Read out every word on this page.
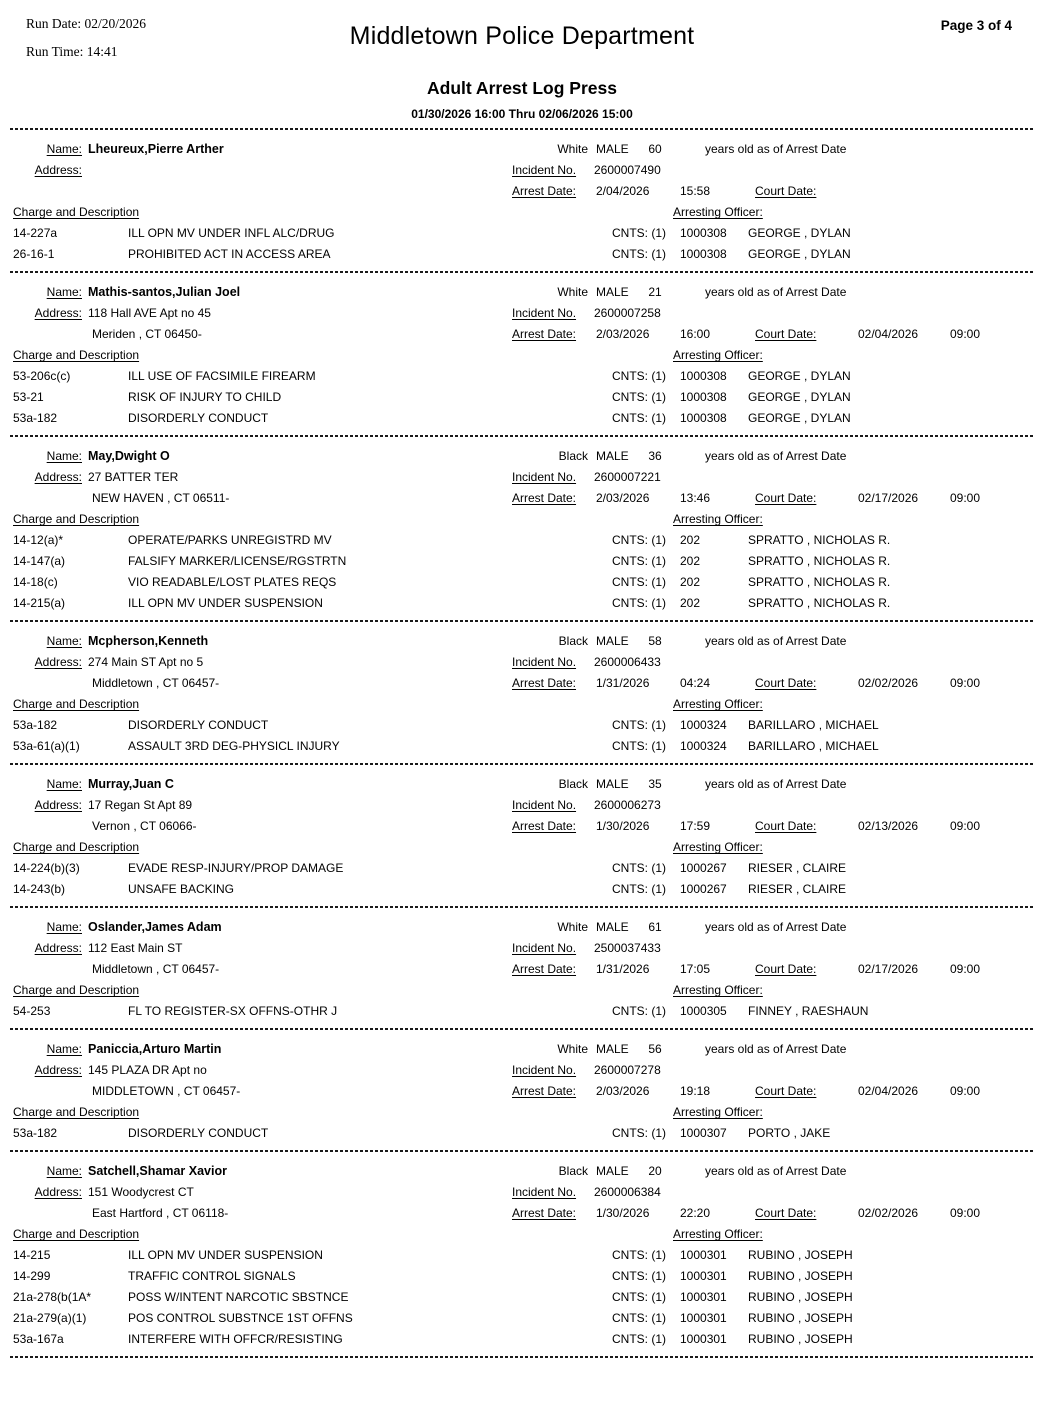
Run Date: 02/20/2026
Run Time: 14:41
Middletown Police Department	Page 3 of 4
Adult Arrest Log Press
01/30/2026 16:00 Thru 02/06/2026 15:00
Name: Lheureux,Pierre Arther	White MALE	60	years old as of Arrest Date
Address:	Incident No. 2600007490
Arrest Date: 2/04/2026	15:58	Court Date:
Charge and Description	Arresting Officer:
14-227a	ILL OPN MV UNDER INFL ALC/DRUG	CNTS: (1) 1000308 GEORGE , DYLAN
26-16-1	PROHIBITED ACT IN ACCESS AREA	CNTS: (1) 1000308 GEORGE , DYLAN
Name: Mathis-santos,Julian Joel	White MALE	21	years old as of Arrest Date
Address: 118 Hall AVE Apt no 45	Incident No. 2600007258
Meriden , CT 06450-	Arrest Date: 2/03/2026	16:00	Court Date:	02/04/2026	09:00
Charge and Description	Arresting Officer:
53-206c(c)	ILL USE OF FACSIMILE FIREARM	CNTS: (1) 1000308 GEORGE , DYLAN
53-21	RISK OF INJURY TO CHILD	CNTS: (1) 1000308 GEORGE , DYLAN
53a-182	DISORDERLY CONDUCT	CNTS: (1) 1000308 GEORGE , DYLAN
Name: May,Dwight O	Black MALE	36	years old as of Arrest Date
Address: 27 BATTER TER	Incident No. 2600007221
NEW HAVEN , CT 06511-	Arrest Date: 2/03/2026	13:46	Court Date:	02/17/2026	09:00
Charge and Description	Arresting Officer:
14-12(a)*	OPERATE/PARKS UNREGISTRD MV	CNTS: (1) 202	SPRATTO , NICHOLAS R.
14-147(a)	FALSIFY MARKER/LICENSE/RGSTRTN	CNTS: (1) 202	SPRATTO , NICHOLAS R.
14-18(c)	VIO READABLE/LOST PLATES REQS	CNTS: (1) 202	SPRATTO , NICHOLAS R.
14-215(a)	ILL OPN MV UNDER SUSPENSION	CNTS: (1) 202	SPRATTO , NICHOLAS R.
Name: Mcpherson,Kenneth	Black MALE	58	years old as of Arrest Date
Address: 274 Main ST Apt no 5	Incident No. 2600006433
Middletown , CT 06457-	Arrest Date: 1/31/2026	04:24	Court Date:	02/02/2026	09:00
Charge and Description	Arresting Officer:
53a-182	DISORDERLY CONDUCT	CNTS: (1) 1000324 BARILLARO , MICHAEL
53a-61(a)(1)	ASSAULT 3RD DEG-PHYSICL INJURY	CNTS: (1) 1000324 BARILLARO , MICHAEL
Name: Murray,Juan C	Black MALE	35	years old as of Arrest Date
Address: 17 Regan St Apt 89	Incident No. 2600006273
Vernon , CT 06066-	Arrest Date: 1/30/2026	17:59	Court Date:	02/13/2026	09:00
Charge and Description	Arresting Officer:
14-224(b)(3)	EVADE RESP-INJURY/PROP DAMAGE	CNTS: (1) 1000267 RIESER , CLAIRE
14-243(b)	UNSAFE BACKING	CNTS: (1) 1000267 RIESER , CLAIRE
Name: Oslander,James Adam	White MALE	61	years old as of Arrest Date
Address: 112 East Main ST	Incident No. 2500037433
Middletown , CT 06457-	Arrest Date: 1/31/2026	17:05	Court Date:	02/17/2026	09:00
Charge and Description	Arresting Officer:
54-253	FL TO REGISTER-SX OFFNS-OTHR J	CNTS: (1) 1000305 FINNEY , RAESHAUN
Name: Paniccia,Arturo Martin	White MALE	56	years old as of Arrest Date
Address: 145 PLAZA DR Apt no	Incident No. 2600007278
MIDDLETOWN , CT 06457-	Arrest Date: 2/03/2026	19:18	Court Date:	02/04/2026	09:00
Charge and Description	Arresting Officer:
53a-182	DISORDERLY CONDUCT	CNTS: (1) 1000307 PORTO , JAKE
Name: Satchell,Shamar Xavior	Black MALE	20	years old as of Arrest Date
Address: 151 Woodycrest CT	Incident No. 2600006384
East Hartford , CT 06118-	Arrest Date: 1/30/2026	22:20	Court Date:	02/02/2026	09:00
Charge and Description	Arresting Officer:
14-215	ILL OPN MV UNDER SUSPENSION	CNTS: (1) 1000301 RUBINO , JOSEPH
14-299	TRAFFIC CONTROL SIGNALS	CNTS: (1) 1000301 RUBINO , JOSEPH
21a-278(b(1A*	POSS W/INTENT NARCOTIC SBSTNCE	CNTS: (1) 1000301 RUBINO , JOSEPH
21a-279(a)(1)	POS CONTROL SUBSTNCE 1ST OFFNS	CNTS: (1) 1000301 RUBINO , JOSEPH
53a-167a	INTERFERE WITH OFFCR/RESISTING	CNTS: (1) 1000301 RUBINO , JOSEPH
